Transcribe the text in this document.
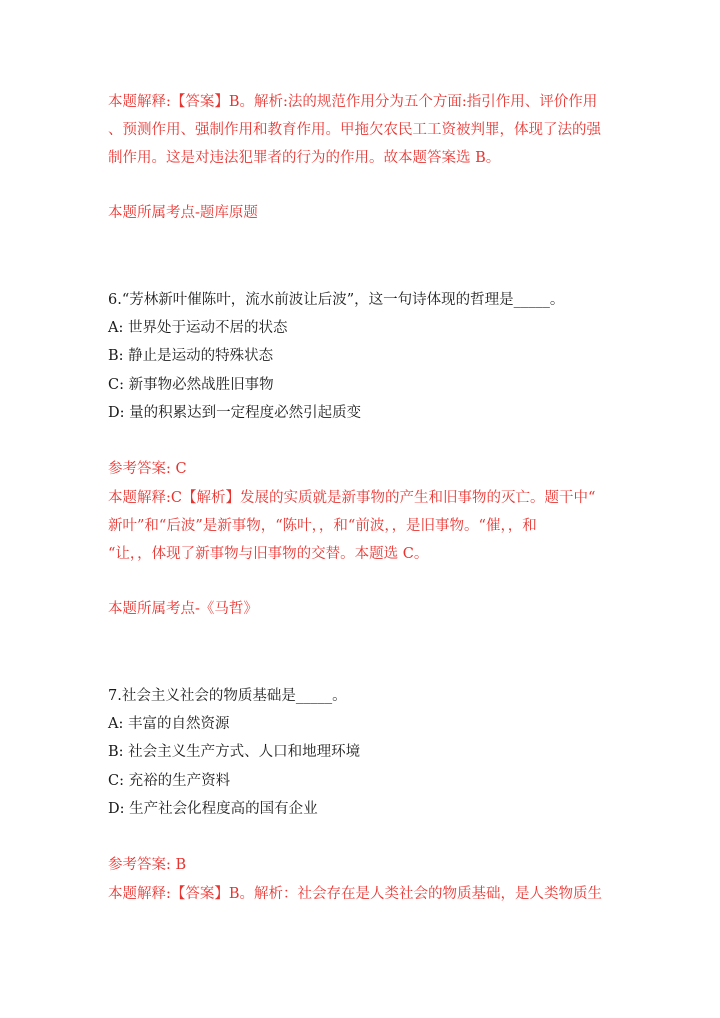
本题解释:【答案】B。解析:法的规范作用分为五个方面:指引作用、评价作用
、预测作用、强制作用和教育作用。甲拖欠农民工工资被判罪，体现了法的强
制作用。这是对违法犯罪者的行为的作用。故本题答案选 B。
本题所属考点-题库原题
6.“芳林新叶催陈叶，流水前波让后波”，这一句诗体现的哲理是_____。
A: 世界处于运动不居的状态
B: 静止是运动的特殊状态
C: 新事物必然战胜旧事物
D: 量的积累达到一定程度必然引起质变
参考答案: C
本题解释:C【解析】发展的实质就是新事物的产生和旧事物的灭亡。题干中“
新叶”和“后波”是新事物，“陈叶，，和“前波，，是旧事物。“催，，和
“让，，体现了新事物与旧事物的交替。本题选 C。
本题所属考点-《马哲》
7.社会主义社会的物质基础是_____。
A: 丰富的自然资源
B: 社会主义生产方式、人口和地理环境
C: 充裕的生产资料
D: 生产社会化程度高的国有企业
参考答案: B
本题解释:【答案】B。解析：社会存在是人类社会的物质基础，是人类物质生
